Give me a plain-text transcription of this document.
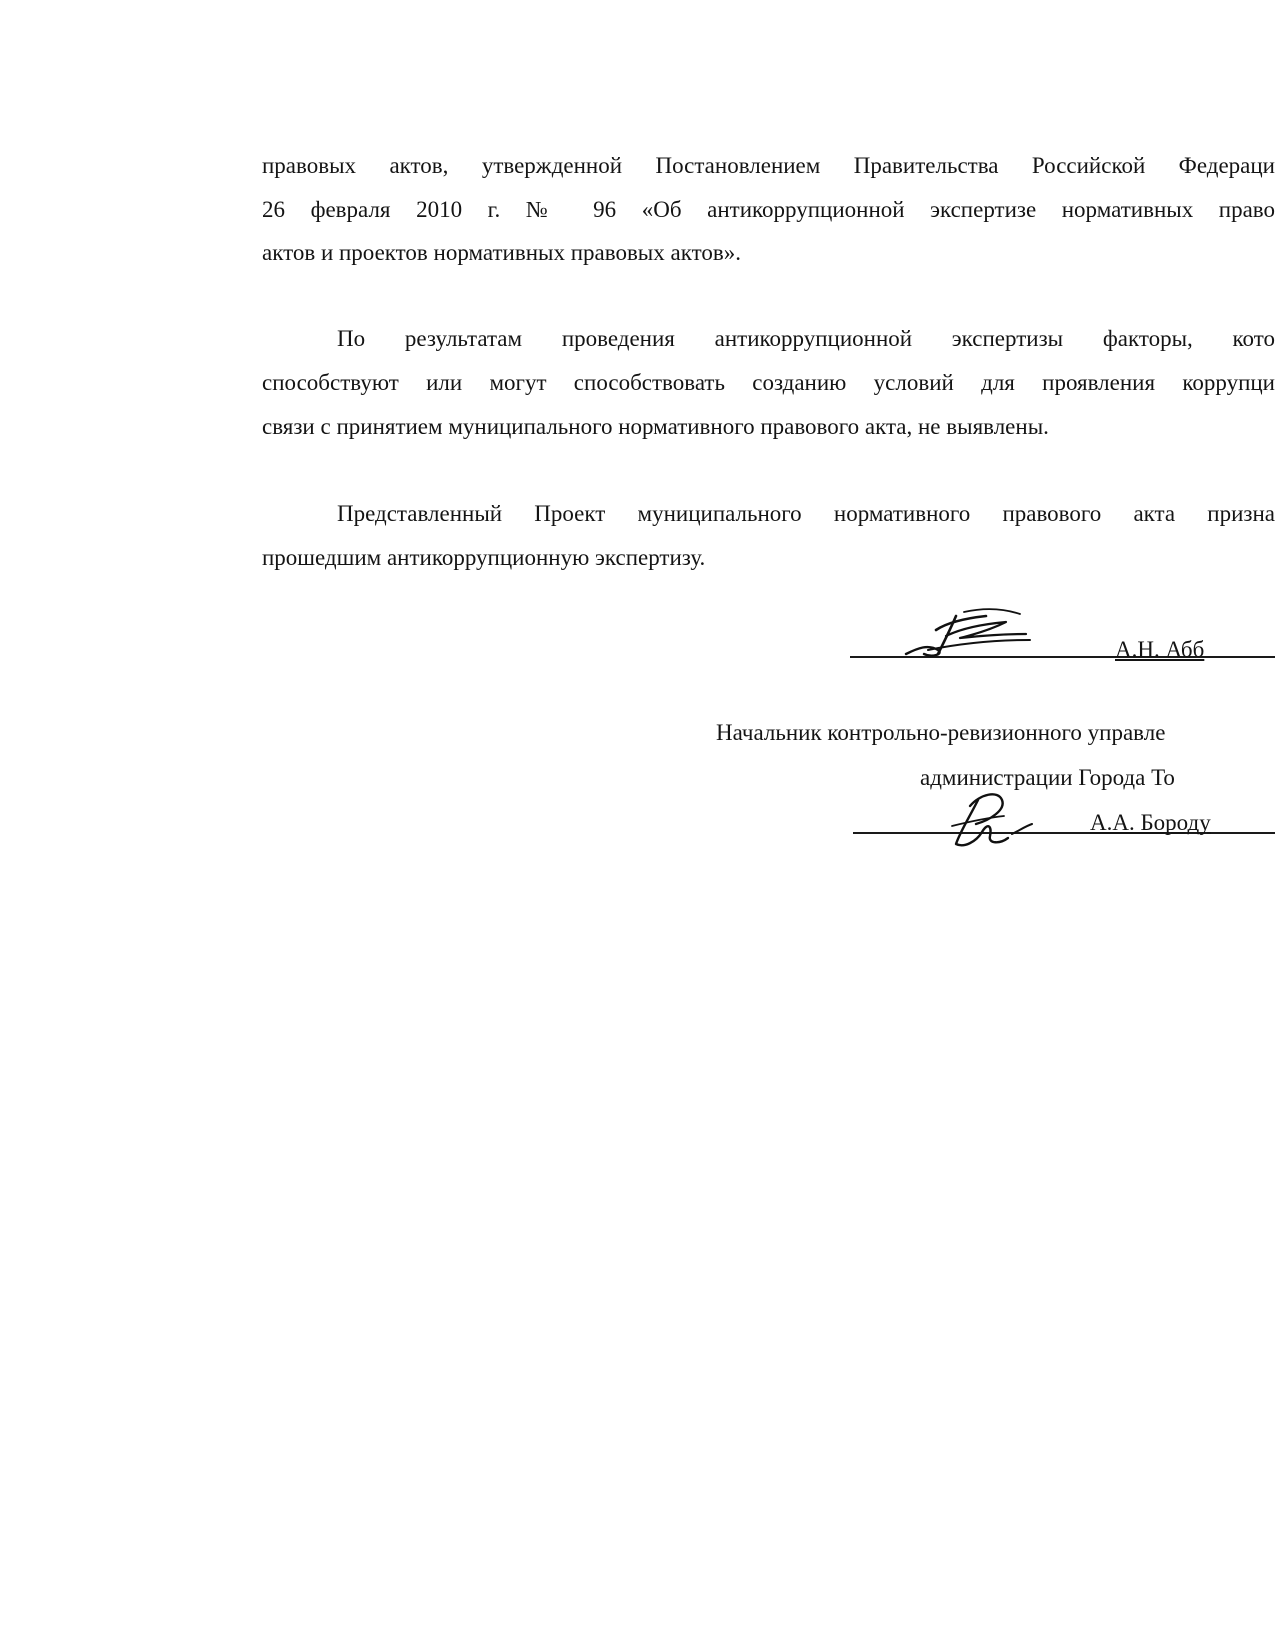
правовых актов, утвержденной Постановлением Правительства Российской Федераци
26 февраля 2010 г. № 96 «Об антикоррупционной экспертизе нормативных право
актов и проектов нормативных правовых актов».
По результатам проведения антикоррупционной экспертизы факторы, кото
способствуют или могут способствовать созданию условий для проявления коррупци
связи с принятием муниципального нормативного правового акта, не выявлены.
Представленный Проект муниципального нормативного правового акта призна
прошедшим антикоррупционную экспертизу.
А.Н. Абб
Начальник контрольно-ревизионного управле
администрации Города То
А.А. Бороду
